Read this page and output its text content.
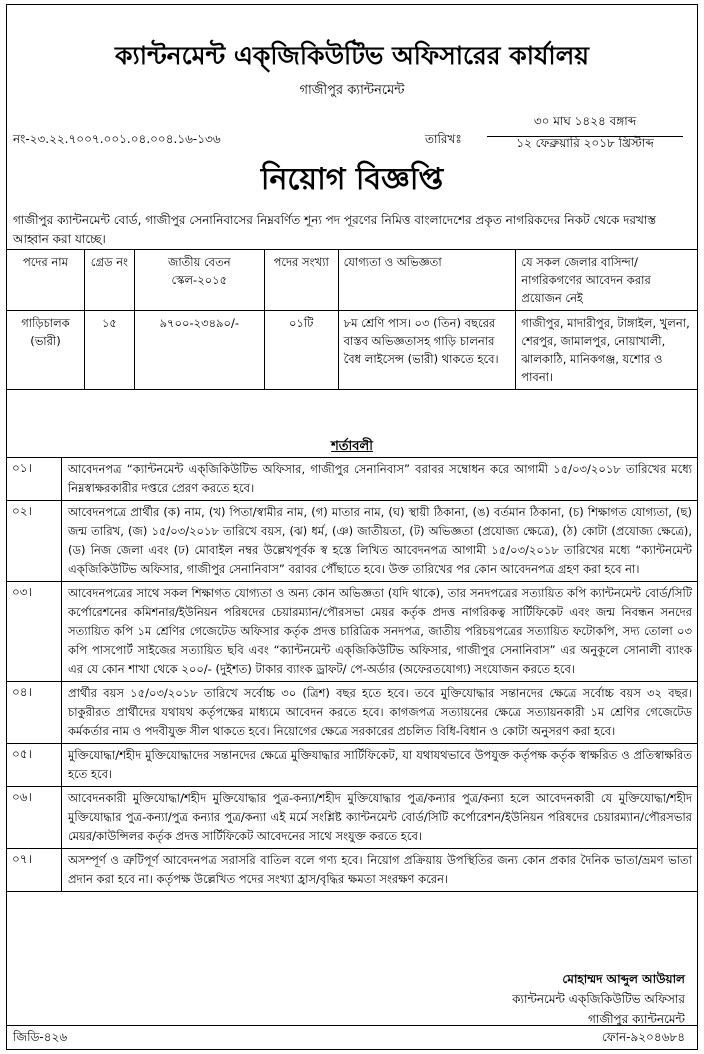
ক্যান্টনমেন্ট এক্‌জিকিউটিভ অফিসারের কার্যালয়
গাজীপুর ক্যান্টনমেন্ট
নং-২৩.২২.৭০০৭.০০১.০৪.০০৪.১৬-১৩৬	তারিখঃ
৩০ মাঘ ১৪২৪ বঙ্গাব্দ
১২ ফেব্রুয়ারি ২০১৮ খ্রিস্টাব্দ
নিয়োগ বিজ্ঞপ্তি
গাজীপুর ক্যান্টনমেন্ট বোর্ড, গাজীপুর সেনানিবাসের নিম্নবর্ণিত শূন্য পদ পূরণের নিমিত্ত বাংলাদেশের প্রকৃত নাগরিকদের নিকট থেকে দরখাস্ত আহ্বান করা যাচ্ছে।
পদের নাম	গ্রেড নং	জাতীয় বেতন স্কেল-২০১৫	পদের সংখ্যা	যোগ্যতা ও অভিজ্ঞতা	যে সকল জেলার বাসিন্দা/নাগরিকগণের আবেদন করার প্রয়োজন নেই
গাড়িচালক (ভারী)	১৫	৯৭০০-২৩৪৯০/-	০১টি	৮ম শ্রেণি পাস। ০৩ (তিন) বছরের বাস্তব অভিজ্ঞতাসহ গাড়ি চালনার বৈধ লাইসেন্স (ভারী) থাকতে হবে।	গাজীপুর, মাদারীপুর, টাঙ্গাইল, খুলনা, শেরপুর, জামালপুর, নোয়াখালী, ঝালকাঠি, মানিকগঞ্জ, যশোর ও পাবনা।
শর্তাবলী
০১।	আবেদনপত্র “ক্যান্টনমেন্ট এক্‌জিকিউটিভ অফিসার, গাজীপুর সেনানিবাস” বরাবর সম্বোধন করে আগামী ১৫/০৩/২০১৮ তারিখের মধ্যে নিম্নস্বাক্ষরকারীর দপ্তরে প্রেরণ করতে হবে।
০২।	আবেদনপত্রে প্রার্থীর (ক) নাম, (খ) পিতা/স্বামীর নাম, (গ) মাতার নাম, (ঘ) স্থায়ী ঠিকানা, (ঙ) বর্তমান ঠিকানা, (চ) শিক্ষাগত যোগ্যতা, (ছ) জন্ম তারিখ, (জ) ১৫/০৩/২০১৮ তারিখে বয়স, (ঝ) ধর্ম, (ঞ) জাতীয়তা, (ট) অভিজ্ঞতা (প্রযোজ্য ক্ষেত্রে), (ঠ) কোটা (প্রযোজ্য ক্ষেত্রে), (ড) নিজ জেলা এবং (ঢ) মোবাইল নম্বর উল্লেখপূর্বক স্ব হস্তে লিখিত আবেদনপত্র আগামী ১৫/০৩/২০১৮ তারিখের মধ্যে “ক্যান্টনমেন্ট এক্‌জিকিউটিভ অফিসার, গাজীপুর সেনানিবাস” বরাবর পৌঁছাতে হবে। উক্ত তারিখের পর কোন আবেদনপত্র গ্রহণ করা হবে না।
০৩।	আবেদনপত্রের সাথে সকল শিক্ষাগত যোগ্যতা ও অন্য কোন অভিজ্ঞতা (যদি থাকে), তার সনদপত্রের সত্যায়িত কপি ক্যান্টনমেন্ট বোর্ড/সিটি কর্পোরেশনের কমিশনার/ইউনিয়ন পরিষদের চেয়ারম্যান/পৌরসভা মেয়র কর্তৃক প্রদত্ত নাগরিকত্ব সার্টিফিকেট এবং জন্ম নিবন্ধন সনদের সত্যায়িত কপি ১ম শ্রেণির গেজেটেড অফিসার কর্তৃক প্রদত্ত চারিত্রিক সনদপত্র, জাতীয় পরিচয়পত্রের সত্যায়িত ফটোকপি, সদ্য তোলা ০৩ কপি পাসপোর্ট সাইজের সত্যায়িত ছবি এবং “ক্যান্টনমেন্ট এক্‌জিকিউটিভ অফিসার, গাজীপুর সেনানিবাস” এর অনুকূলে সোনালী ব্যাংক এর যে কোন শাখা থেকে ২০০/- (দুইশত) টাকার ব্যাংক ড্রাফট/ পে-অর্ডার (অফেরতযোগ্য) সংযোজন করতে হবে।
০৪।	প্রার্থীর বয়স ১৫/০৩/২০১৮ তারিখে সর্বোচ্চ ৩০ (ত্রিশ) বছর হতে হবে। তবে মুক্তিযোদ্ধার সন্তানদের ক্ষেত্রে সর্বোচ্চ বয়স ৩২ বছর। চাকুরীরত প্রার্থীদের যথাযথ কর্তৃপক্ষের মাধ্যমে আবেদন করতে হবে। কাগজপত্র সত্যায়নের ক্ষেত্রে সত্যায়নকারী ১ম শ্রেণির গেজেটেড কর্মকর্তার নাম ও পদবীযুক্ত সীল থাকতে হবে। নিয়োগের ক্ষেত্রে সরকারের প্রচলিত বিধি-বিধান ও কোটা অনুসরণ করা হবে।
০৫।	মুক্তিযোদ্ধা/শহীদ মুক্তিযোদ্ধাদের সন্তানদের ক্ষেত্রে মুক্তিযাদ্ধার সার্টিফিকেট, যা যথাযথভাবে উপযুক্ত কর্তৃপক্ষ কর্তৃক স্বাক্ষরিত ও প্রতিস্বাক্ষরিত হতে হবে।
০৬।	আবেদনকারী মুক্তিযোদ্ধা/শহীদ মুক্তিযোদ্ধার পুত্র-কন্যা/শহীদ মুক্তিযোদ্ধার পুত্র/কন্যার পুত্র/কন্যা হলে আবেদনকারী যে মুক্তিযোদ্ধা/শহীদ মুক্তিযোদ্ধার পুত্র-কন্যা/পুত্র কন্যার পুত্র/কন্যা এই মর্মে সংশ্লিষ্ট ক্যান্টনমেন্ট বোর্ড/সিটি কর্পোরেশন/ইউনিয়ন পরিষদের চেয়ারম্যান/পৌরসভার মেয়র/কাউন্সিলর কর্তৃক প্রদত্ত সার্টিফিকেট আবেদনের সাথে সংযুক্ত করতে হবে।
০৭।	অসম্পূর্ণ ও ত্রুটিপূর্ণ আবেদনপত্র সরাসরি বাতিল বলে গণ্য হবে। নিয়োগ প্রক্রিয়ায় উপস্থিতির জন্য কোন প্রকার দৈনিক ভাতা/ভ্রমণ ভাতা প্রদান করা হবে না। কর্তৃপক্ষ উল্লেখিত পদের সংখ্যা হ্রাস/বৃদ্ধির ক্ষমতা সংরক্ষণ করেন।
মোহাম্মদ আব্দুল আউয়াল
ক্যান্টনমেন্ট এক্‌জিকিউটিভ অফিসার
গাজীপুর ক্যান্টনমেন্ট
জিডি-৪২৬	ফোন-৯২০৪৬৮৪
